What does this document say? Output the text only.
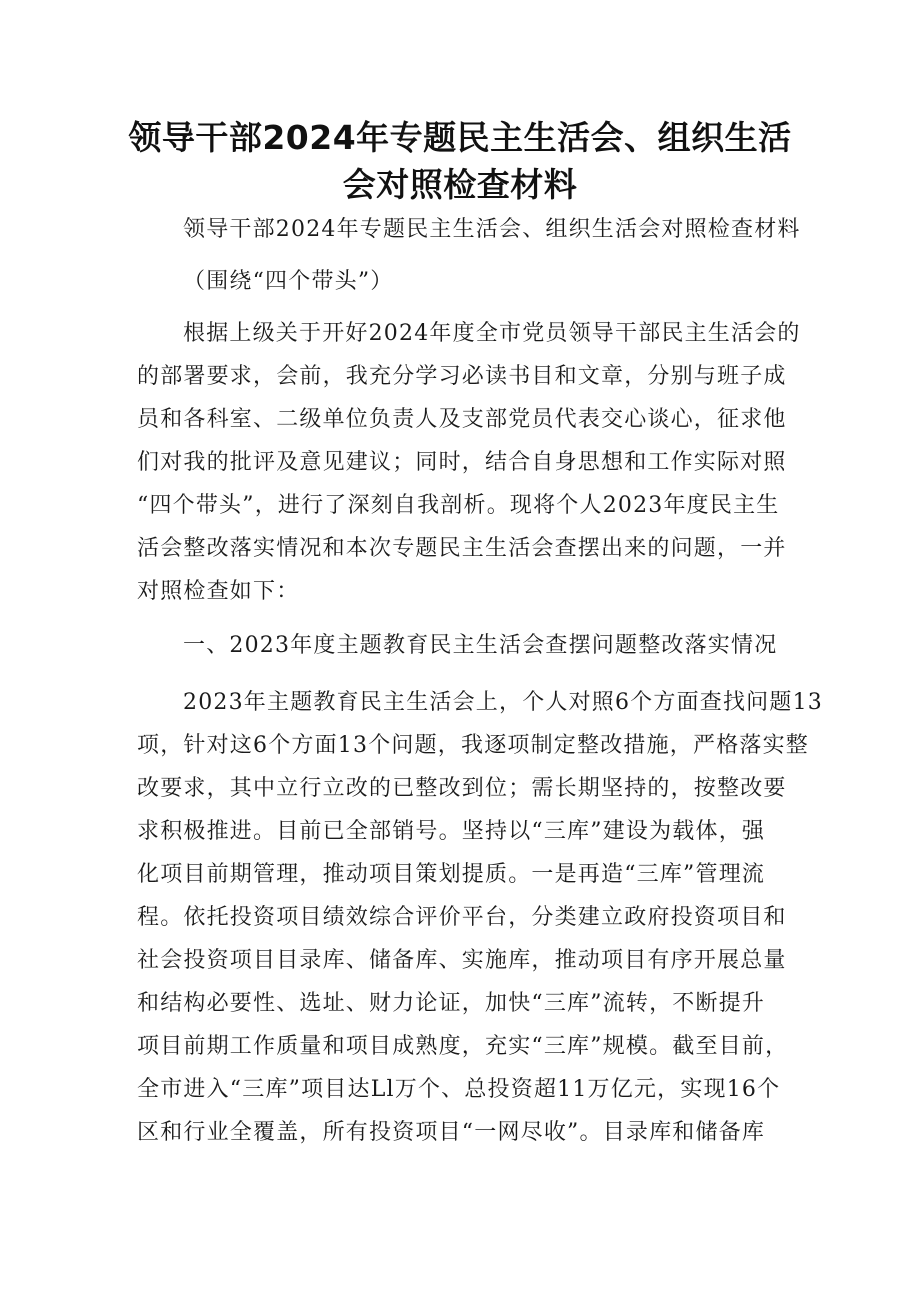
领导干部2024年专题民主生活会、组织生活
会对照检查材料
领导干部2024年专题民主生活会、组织生活会对照检查材料
（围绕“四个带头”）
根据上级关于开好2024年度全市党员领导干部民主生活会的
的部署要求，会前，我充分学习必读书目和文章，分别与班子成
员和各科室、二级单位负责人及支部党员代表交心谈心，征求他
们对我的批评及意见建议；同时，结合自身思想和工作实际对照
“四个带头”，进行了深刻自我剖析。现将个人2023年度民主生
活会整改落实情况和本次专题民主生活会查摆出来的问题，一并
对照检查如下：
一、2023年度主题教育民主生活会查摆问题整改落实情况
2023年主题教育民主生活会上，个人对照6个方面查找问题13
项，针对这6个方面13个问题，我逐项制定整改措施，严格落实整
改要求，其中立行立改的已整改到位；需长期坚持的，按整改要
求积极推进。目前已全部销号。坚持以“三库”建设为载体，强
化项目前期管理，推动项目策划提质。一是再造“三库”管理流
程。依托投资项目绩效综合评价平台，分类建立政府投资项目和
社会投资项目目录库、储备库、实施库，推动项目有序开展总量
和结构必要性、选址、财力论证，加快“三库”流转，不断提升
项目前期工作质量和项目成熟度，充实“三库”规模。截至目前，
全市进入“三库”项目达Ll万个、总投资超11万亿元，实现16个
区和行业全覆盖，所有投资项目“一网尽收”。目录库和储备库
